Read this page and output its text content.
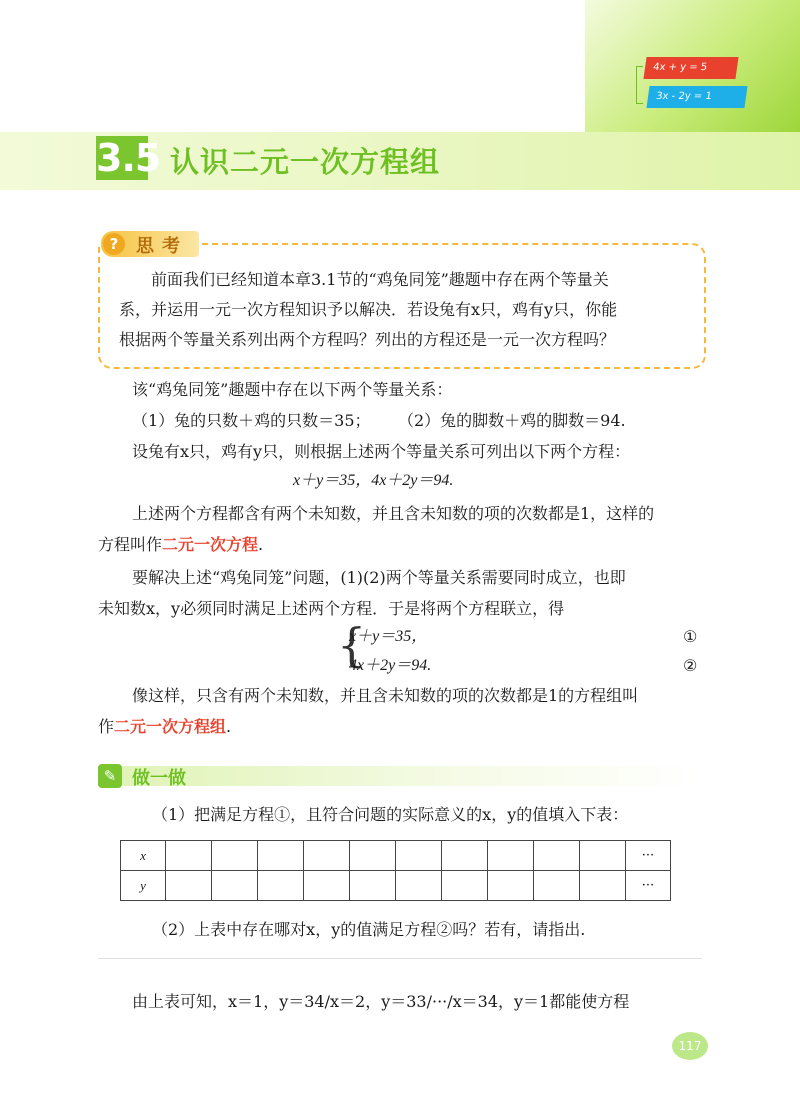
4x + y = 5
3x - 2y = 1
3.5 认识二元一次方程组
? 思考
前面我们已经知道本章3.1节的“鸡兔同笼”趣题中存在两个等量关
系，并运用一元一次方程知识予以解决．若设兔有x只，鸡有y只，你能
根据两个等量关系列出两个方程吗？列出的方程还是一元一次方程吗？
该“鸡兔同笼”趣题中存在以下两个等量关系：
（1）兔的只数＋鸡的只数＝35； （2）兔的脚数＋鸡的脚数＝94.
设兔有x只，鸡有y只，则根据上述两个等量关系可列出以下两个方程：
x＋y＝35，4x＋2y＝94.
上述两个方程都含有两个未知数，并且含未知数的项的次数都是1，这样的
方程叫作二元一次方程.
要解决上述“鸡兔同笼”问题，(1)(2)两个等量关系需要同时成立，也即
未知数x，y必须同时满足上述两个方程．于是将两个方程联立，得
{
x＋y＝35，
4x＋2y＝94.
①
②
像这样，只含有两个未知数，并且含未知数的项的次数都是1的方程组叫
作二元一次方程组.
✎ 做一做
（1）把满足方程①，且符合问题的实际意义的x，y的值填入下表：
x											···
y											···
（2）上表中存在哪对x，y的值满足方程②吗？若有，请指出.
由上表可知，x＝1，y＝34/x＝2，y＝33/···/x＝34，y＝1都能使方程
117
